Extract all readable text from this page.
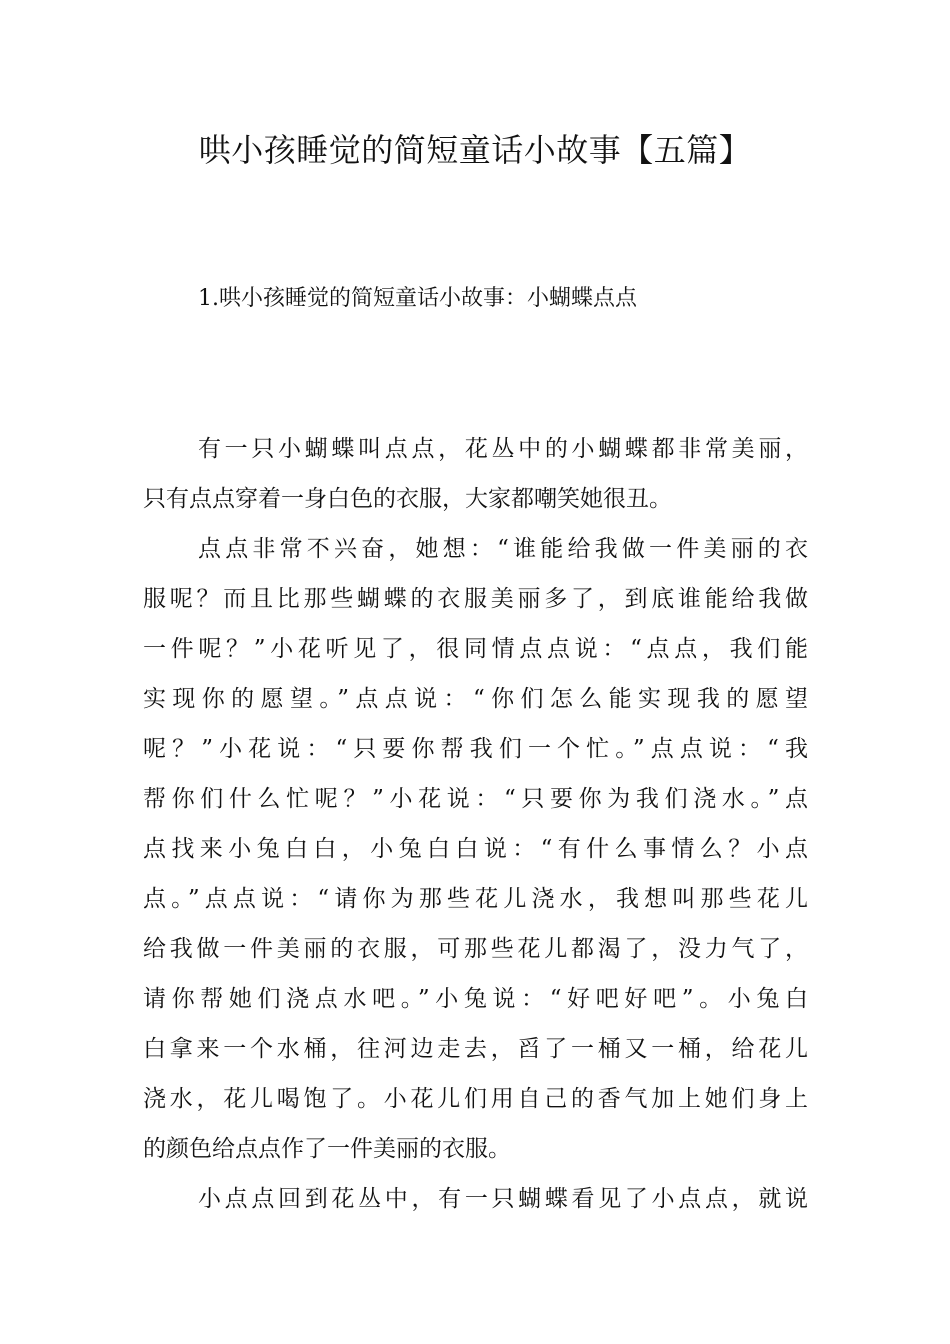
哄小孩睡觉的简短童话小故事【五篇】

1.哄小孩睡觉的简短童话小故事：小蝴蝶点点

有一只小蝴蝶叫点点，花丛中的小蝴蝶都非常美丽，
只有点点穿着一身白色的衣服，大家都嘲笑她很丑。
点点非常不兴奋，她想：“谁能给我做一件美丽的衣
服呢？而且比那些蝴蝶的衣服美丽多了，到底谁能给我做
一件呢？”小花听见了，很同情点点说：“点点，我们能
实现你的愿望。”点点说：“你们怎么能实现我的愿望
呢？”小花说：“只要你帮我们一个忙。”点点说：“我
帮你们什么忙呢？”小花说：“只要你为我们浇水。”点
点找来小兔白白，小兔白白说：“有什么事情么？小点
点。”点点说：“请你为那些花儿浇水，我想叫那些花儿
给我做一件美丽的衣服，可那些花儿都渴了，没力气了，
请你帮她们浇点水吧。”小兔说：“好吧好吧”。小兔白
白拿来一个水桶，往河边走去，舀了一桶又一桶，给花儿
浇水，花儿喝饱了。小花儿们用自己的香气加上她们身上
的颜色给点点作了一件美丽的衣服。
小点点回到花丛中，有一只蝴蝶看见了小点点，就说
